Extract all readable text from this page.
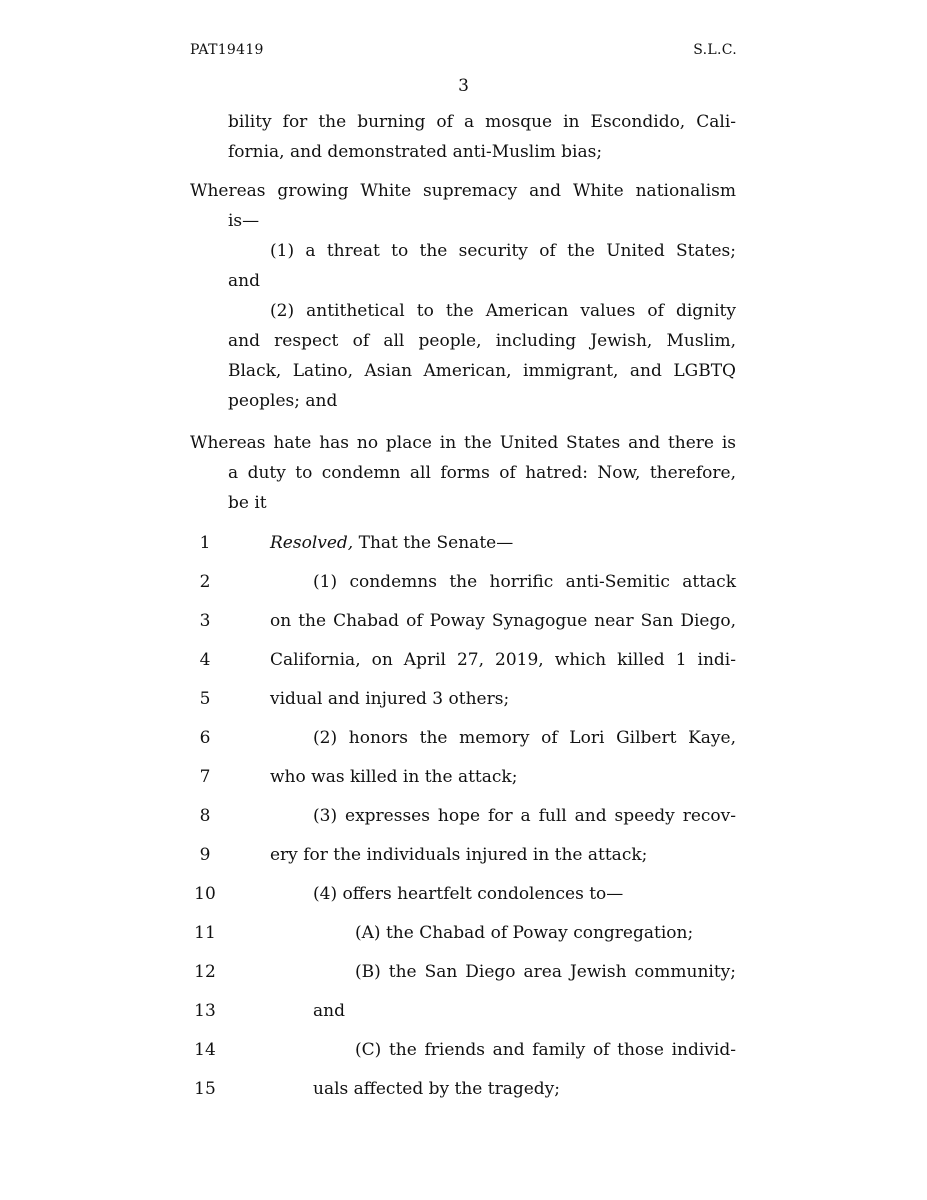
PAT19419	S.L.C.
3
bility for the burning of a mosque in Escondido, Cali-
fornia, and demonstrated anti-Muslim bias;
Whereas growing White supremacy and White nationalism
is—
(1) a threat to the security of the United States;
and
(2) antithetical to the American values of dignity
and respect of all people, including Jewish, Muslim,
Black, Latino, Asian American, immigrant, and LGBTQ
peoples; and
Whereas hate has no place in the United States and there is
a duty to condemn all forms of hatred: Now, therefore,
be it
1	Resolved, That the Senate—
2	(1) condemns the horrific anti-Semitic attack
3	on the Chabad of Poway Synagogue near San Diego,
4	California, on April 27, 2019, which killed 1 indi-
5	vidual and injured 3 others;
6	(2) honors the memory of Lori Gilbert Kaye,
7	who was killed in the attack;
8	(3) expresses hope for a full and speedy recov-
9	ery for the individuals injured in the attack;
10	(4) offers heartfelt condolences to—
11	(A) the Chabad of Poway congregation;
12	(B) the San Diego area Jewish community;
13	and
14	(C) the friends and family of those individ-
15	uals affected by the tragedy;
